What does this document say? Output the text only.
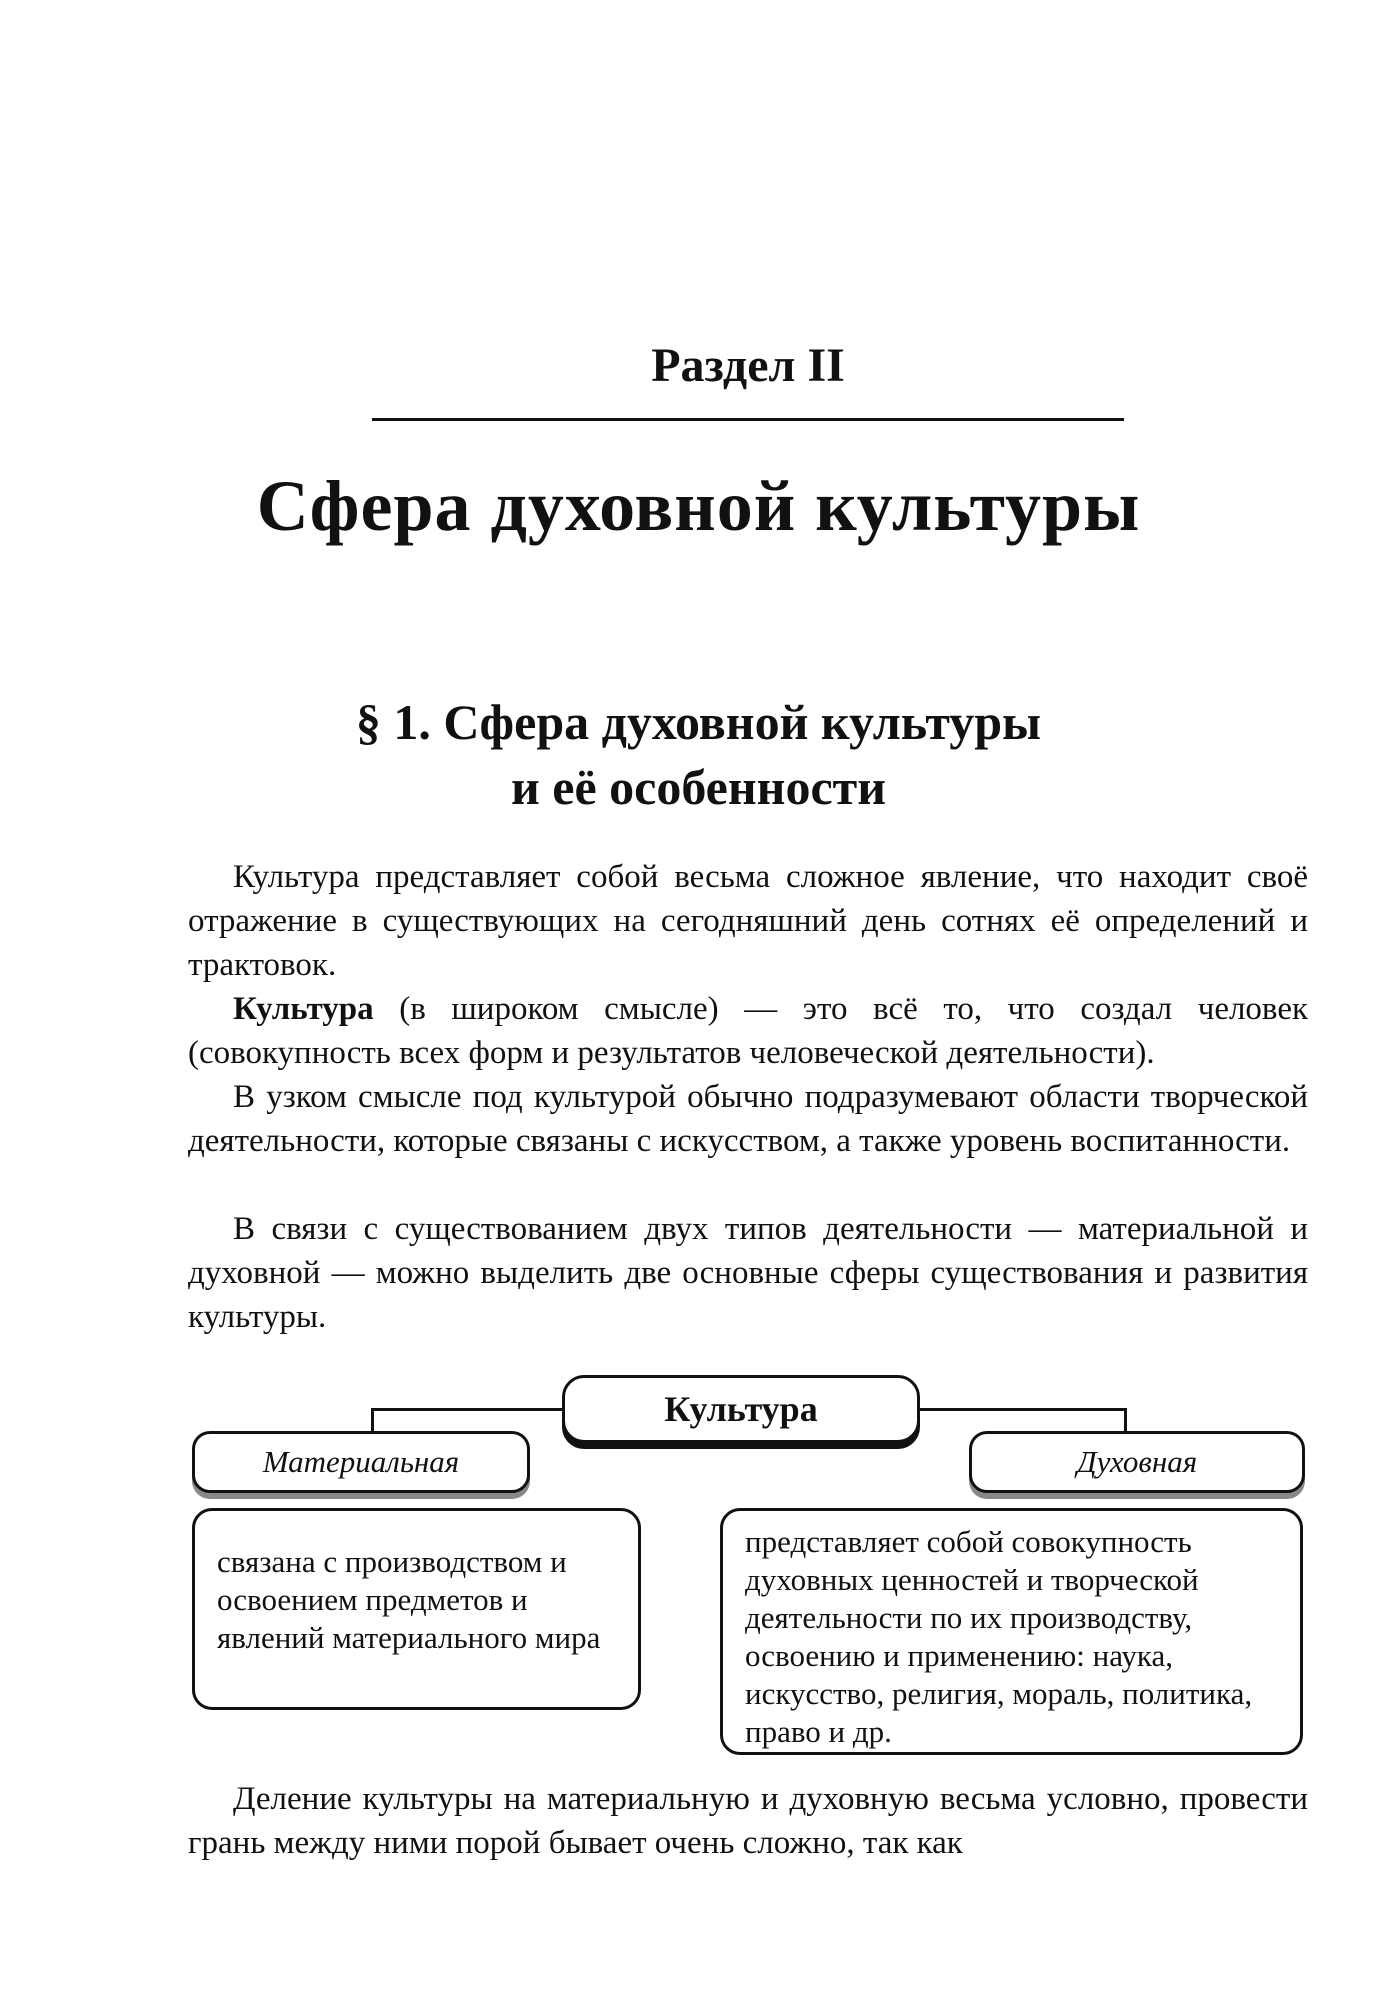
Раздел II
Сфера духовной культуры
§ 1. Сфера духовной культуры
и её особенности

Культура представляет собой весьма сложное явление, что находит своё отражение в существующих на сегодняшний день сотнях её определений и трактовок.

Культура (в широком смысле) — это всё то, что создал человек (совокупность всех форм и результатов человеческой деятельности).

В узком смысле под культурой обычно подразумевают области творческой деятельности, которые связаны с искусством, а также уровень воспитанности.

В связи с существованием двух типов деятельности — материальной и духовной — можно выделить две основные сферы существования и развития культуры.

Культура
Материальная	Духовная
связана с производством и освоением предметов и явлений материального мира
представляет собой совокупность духовных ценностей и творческой деятельности по их производству, освоению и применению: наука, искусство, религия, мораль, политика, право и др.

Деление культуры на материальную и духовную весьма условно, провести грань между ними порой бывает очень сложно, так как
